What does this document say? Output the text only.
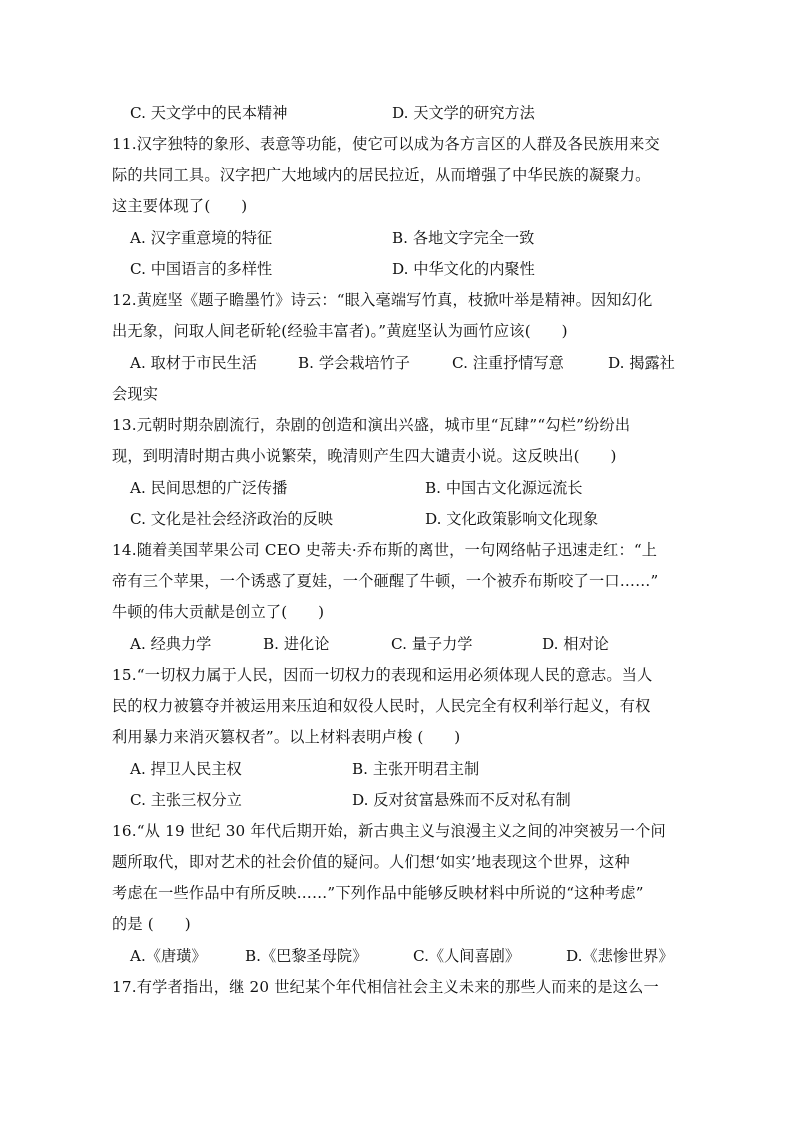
C. 天文学中的民本精神	D. 天文学的研究方法
11.汉字独特的象形、表意等功能，使它可以成为各方言区的人群及各民族用来交
际的共同工具。汉字把广大地域内的居民拉近，从而增强了中华民族的凝聚力。
这主要体现了(　　)
A. 汉字重意境的特征	B. 各地文字完全一致
C. 中国语言的多样性	D. 中华文化的内聚性
12.黄庭坚《题子瞻墨竹》诗云：“眼入毫端写竹真，枝掀叶举是精神。因知幻化
出无象，问取人间老斫轮(经验丰富者)。”黄庭坚认为画竹应该(　　)
A. 取材于市民生活	B. 学会栽培竹子	C. 注重抒情写意	D. 揭露社
会现实
13.元朝时期杂剧流行，杂剧的创造和演出兴盛，城市里“瓦肆”“勾栏”纷纷出
现，到明清时期古典小说繁荣，晚清则产生四大谴责小说。这反映出(　　)
A. 民间思想的广泛传播	B. 中国古文化源远流长
C. 文化是社会经济政治的反映	D. 文化政策影响文化现象
14.随着美国苹果公司 CEO 史蒂夫·乔布斯的离世，一句网络帖子迅速走红：“上
帝有三个苹果，一个诱惑了夏娃，一个砸醒了牛顿，一个被乔布斯咬了一口……”
牛顿的伟大贡献是创立了(　　)
A. 经典力学	B. 进化论	C. 量子力学	D. 相对论
15.“一切权力属于人民，因而一切权力的表现和运用必须体现人民的意志。当人
民的权力被篡夺并被运用来压迫和奴役人民时，人民完全有权利举行起义，有权
利用暴力来消灭篡权者”。以上材料表明卢梭 (　　)
A. 捍卫人民主权	B. 主张开明君主制
C. 主张三权分立	D. 反对贫富悬殊而不反对私有制
16.“从 19 世纪 30 年代后期开始，新古典主义与浪漫主义之间的冲突被另一个问
题所取代，即对艺术的社会价值的疑问。人们想‘如实’地表现这个世界，这种
考虑在一些作品中有所反映……”下列作品中能够反映材料中所说的“这种考虑”
的是 (　　)
A.《唐璜》	B.《巴黎圣母院》	C.《人间喜剧》	D.《悲惨世界》
17.有学者指出，继 20 世纪某个年代相信社会主义未来的那些人而来的是这么一
